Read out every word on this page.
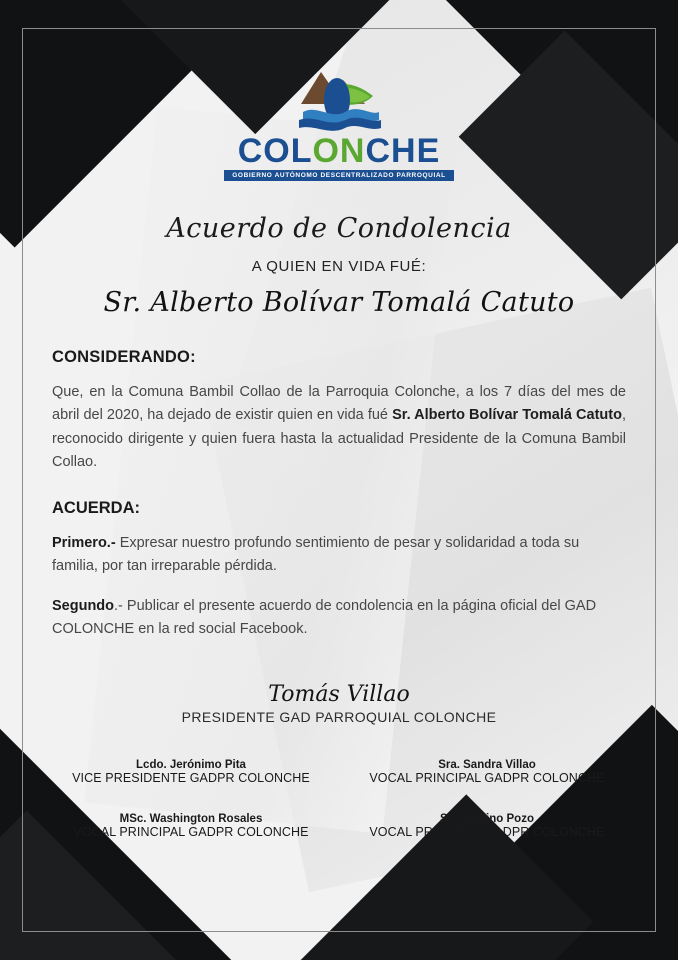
COLONCHE
GOBIERNO AUTÓNOMO DESCENTRALIZADO PARROQUIAL
Acuerdo de Condolencia
A QUIEN EN VIDA FUÉ:
Sr. Alberto Bolívar Tomalá Catuto
CONSIDERANDO:

Que, en la Comuna Bambil Collao de la Parroquia Colonche, a los 7 días del mes de abril del 2020, ha dejado de existir quien en vida fué Sr. Alberto Bolívar Tomalá Catuto, reconocido dirigente y quien fuera hasta la actualidad Presidente de la Comuna Bambil Collao.

ACUERDA:

Primero.- Expresar nuestro profundo sentimiento de pesar y solidaridad a toda su familia, por tan irreparable pérdida.

Segundo.- Publicar el presente acuerdo de condolencia en la página oficial del GAD COLONCHE en la red social Facebook.

Tomás Villao
PRESIDENTE GAD PARROQUIAL COLONCHE
Lcdo. Jerónimo Pita
VICE PRESIDENTE GADPR COLONCHE
Sra. Sandra Villao
VOCAL PRINCIPAL GADPR COLONCHE
MSc. Washington Rosales
VOCAL PRINCIPAL GADPR COLONCHE
Sr. Catalino Pozo
VOCAL PRINCIPAL GADPR COLONCHE
